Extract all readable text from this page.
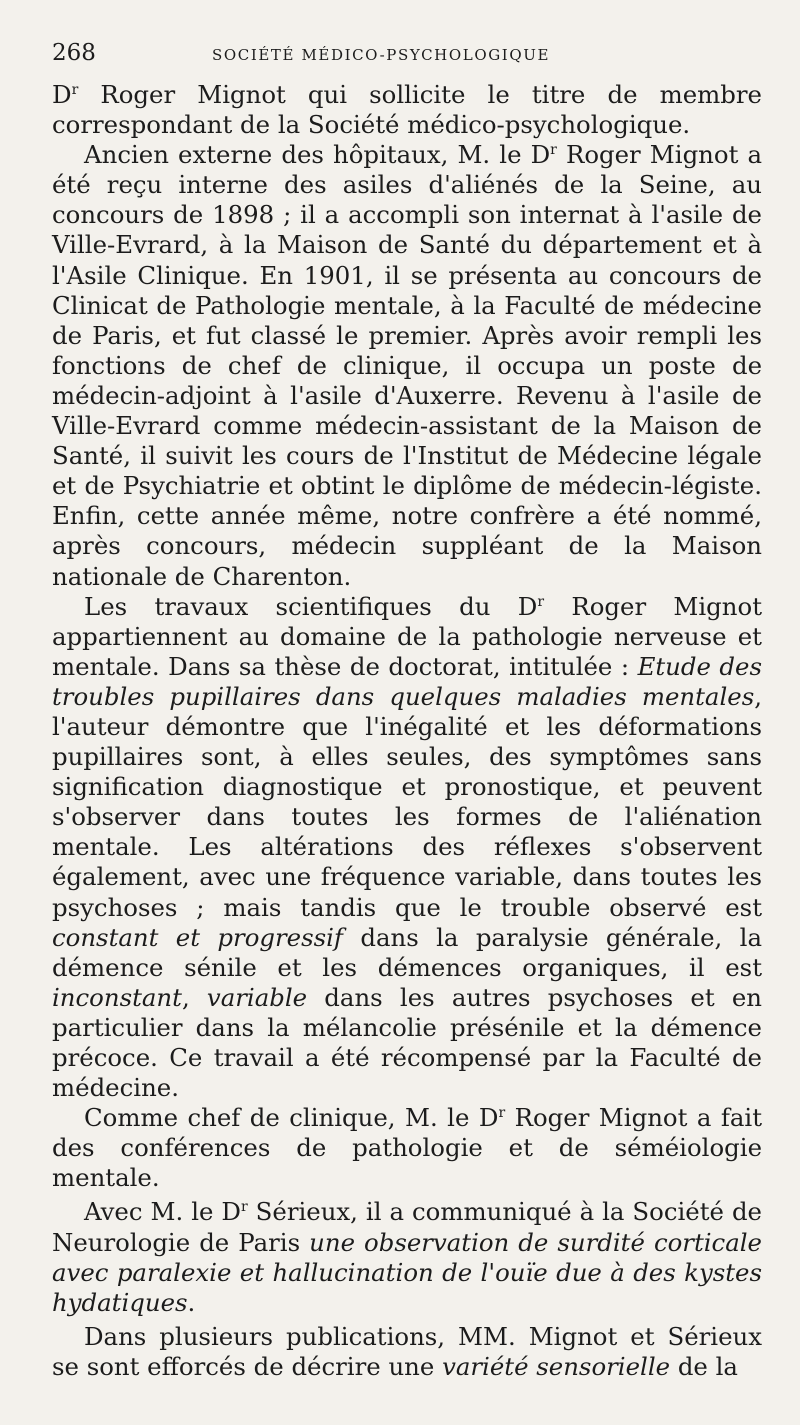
268	SOCIÉTÉ MÉDICO-PSYCHOLOGIQUE

$D^r$ Roger Mignot qui sollicite le titre de membre correspondant de la Société médico-psychologique.

Ancien externe des hôpitaux, M. le $D^r$ Roger Mignot a été reçu interne des asiles d'aliénés de la Seine, au concours de 1898 ; il a accompli son internat à l'asile de Ville-Evrard, à la Maison de Santé du département et à l'Asile Clinique. En 1901, il se présenta au concours de Clinicat de Pathologie mentale, à la Faculté de médecine de Paris, et fut classé le premier. Après avoir rempli les fonctions de chef de clinique, il occupa un poste de médecin-adjoint à l'asile d'Auxerre. Revenu à l'asile de Ville-Evrard comme médecin-assistant de la Maison de Santé, il suivit les cours de l'Institut de Médecine légale et de Psychiatrie et obtint le diplôme de médecin-légiste. Enfin, cette année même, notre confrère a été nommé, après concours, médecin suppléant de la Maison nationale de Charenton.

Les travaux scientifiques du $D^r$ Roger Mignot appartiennent au domaine de la pathologie nerveuse et mentale. Dans sa thèse de doctorat, intitulée : Etude des troubles pupillaires dans quelques maladies mentales, l'auteur démontre que l'inégalité et les déformations pupillaires sont, à elles seules, des symptômes sans signification diagnostique et pronostique, et peuvent s'observer dans toutes les formes de l'aliénation mentale. Les altérations des réflexes s'observent également, avec une fréquence variable, dans toutes les psychoses ; mais tandis que le trouble observé est constant et progressif dans la paralysie générale, la démence sénile et les démences organiques, il est inconstant, variable dans les autres psychoses et en particulier dans la mélancolie présénile et la démence précoce. Ce travail a été récompensé par la Faculté de médecine.

Comme chef de clinique, M. le $D^r$ Roger Mignot a fait des conférences de pathologie et de séméiologie mentale.

Avec M. le $D^r$ Sérieux, il a communiqué à la Société de Neurologie de Paris une observation de surdité corticale avec paralexie et hallucination de l'ouïe due à des kystes hydatiques.

Dans plusieurs publications, MM. Mignot et Sérieux se sont efforcés de décrire une variété sensorielle de la
